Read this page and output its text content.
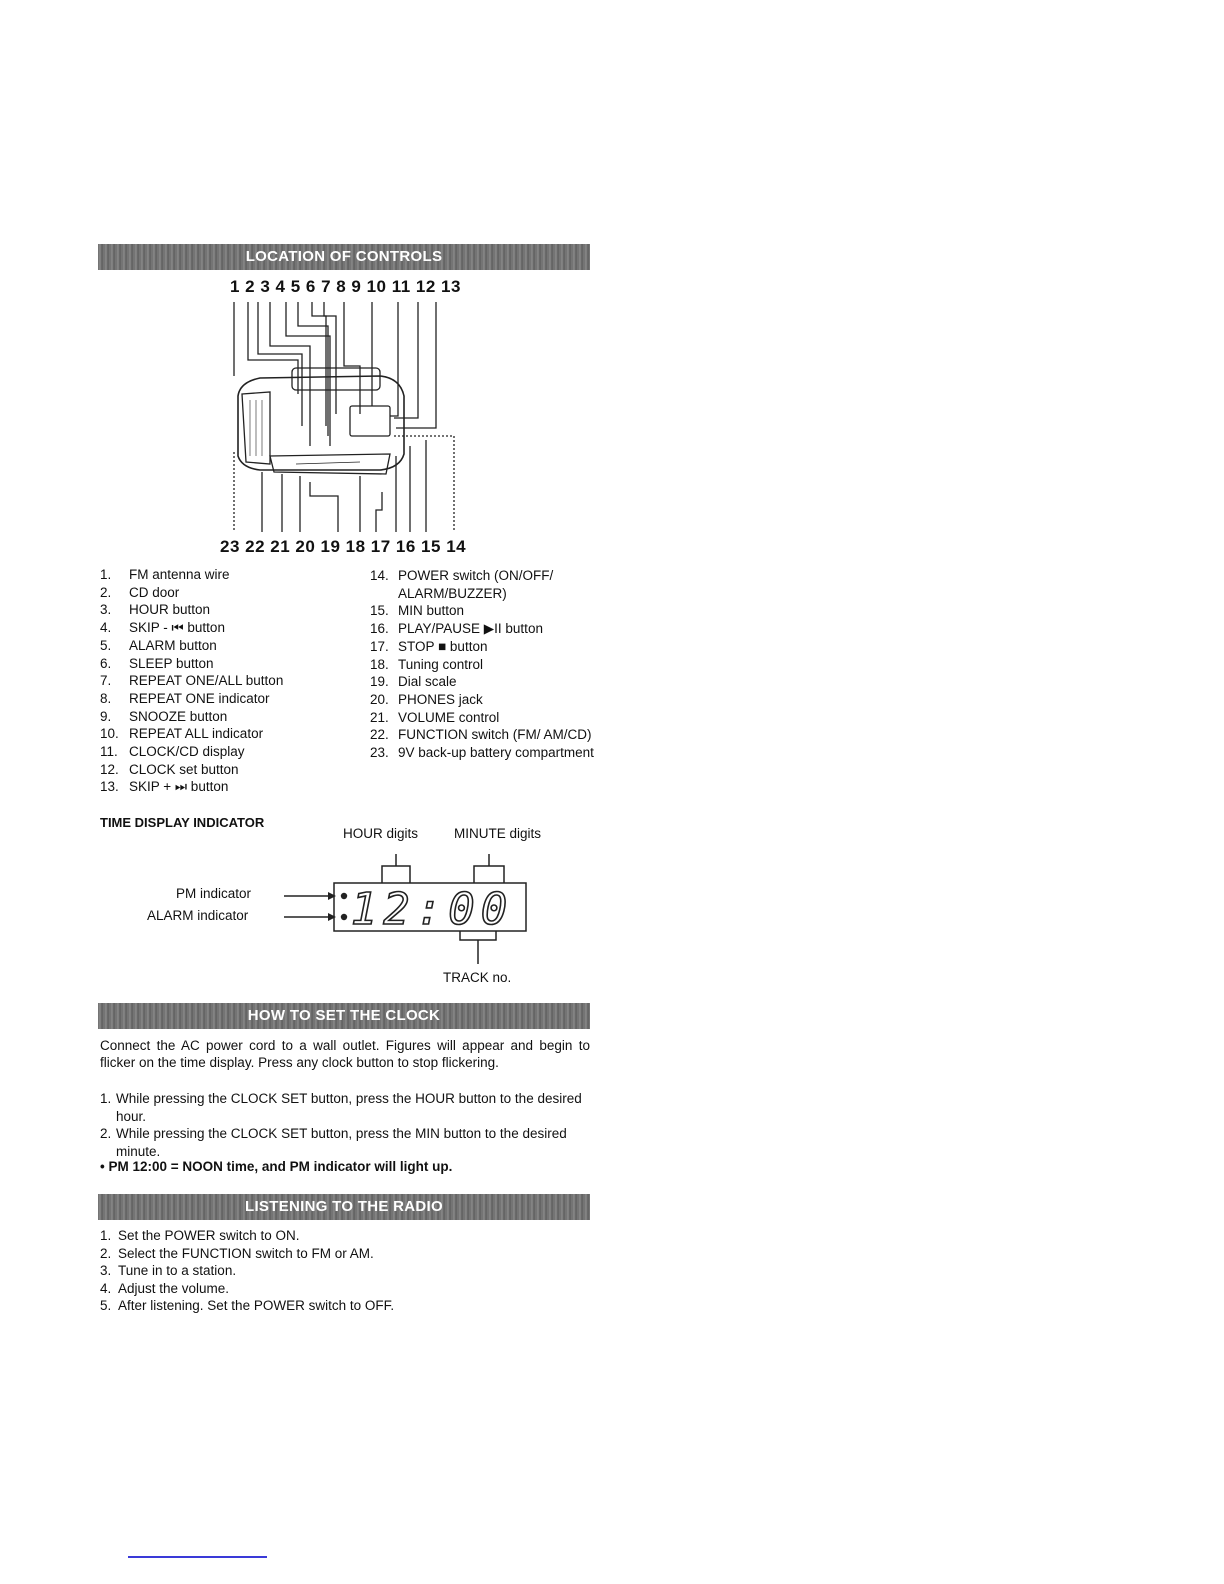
LOCATION OF CONTROLS
1 2 3 4 5 6 7 8 9 10 11 12 13
23 22 21 20 19 18 17 16 15 14
1.	FM antenna wire
2.	CD door
3.	HOUR button
4.	SKIP - ⏮ button
5.	ALARM button
6.	SLEEP button
7.	REPEAT ONE/ALL button
8.	REPEAT ONE indicator
9.	SNOOZE button
10. REPEAT ALL indicator
11. CLOCK/CD display
12. CLOCK set button
13. SKIP + ⏭ button
14. POWER switch (ON/OFF/ ALARM/BUZZER)
15. MIN button
16. PLAY/PAUSE ▶II button
17. STOP ■ button
18. Tuning control
19. Dial scale
20. PHONES jack
21. VOLUME control
22. FUNCTION switch (FM/ AM/CD)
23. 9V back-up battery compartment
TIME DISPLAY INDICATOR
HOUR digits	MINUTE digits
PM indicator
ALARM indicator 12:00
TRACK no.
HOW TO SET THE CLOCK
Connect the AC power cord to a wall outlet. Figures will appear and begin to flicker on the time display. Press any clock button to stop flickering.
1. While pressing the CLOCK SET button, press the HOUR button to the desired hour.
2. While pressing the CLOCK SET button, press the MIN button to the desired minute.
• PM 12:00 = NOON time, and PM indicator will light up.
LISTENING TO THE RADIO
1. Set the POWER switch to ON.
2. Select the FUNCTION switch to FM or AM.
3. Tune in to a station.
4. Adjust the volume.
5. After listening. Set the POWER switch to OFF.
